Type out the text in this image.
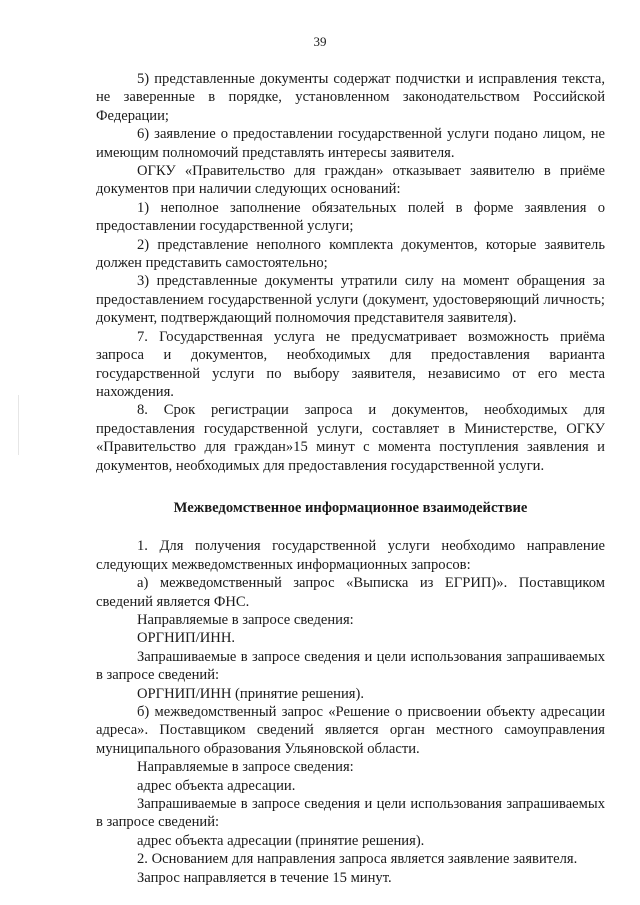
39

5) представленные документы содержат подчистки и исправления текста, не заверенные в порядке, установленном законодательством Российской Федерации;

6) заявление о предоставлении государственной услуги подано лицом, не имеющим полномочий представлять интересы заявителя.

ОГКУ «Правительство для граждан» отказывает заявителю в приёме документов при наличии следующих оснований:

1) неполное заполнение обязательных полей в форме заявления о предоставлении государственной услуги;

2) представление неполного комплекта документов, которые заявитель должен представить самостоятельно;

3) представленные документы утратили силу на момент обращения за предоставлением государственной услуги (документ, удостоверяющий личность; документ, подтверждающий полномочия представителя заявителя).

7. Государственная услуга не предусматривает возможность приёма запроса и документов, необходимых для предоставления варианта государственной услуги по выбору заявителя, независимо от его места нахождения.

8. Срок регистрации запроса и документов, необходимых для предоставления государственной услуги, составляет в Министерстве, ОГКУ «Правительство для граждан»15 минут с момента поступления заявления и документов, необходимых для предоставления государственной услуги.

Межведомственное информационное взаимодействие

1. Для получения государственной услуги необходимо направление следующих межведомственных информационных запросов:

а) межведомственный запрос «Выписка из ЕГРИП)». Поставщиком сведений является ФНС.

Направляемые в запросе сведения:

ОРГНИП/ИНН.

Запрашиваемые в запросе сведения и цели использования запрашиваемых в запросе сведений:

ОРГНИП/ИНН (принятие решения).

б) межведомственный запрос «Решение о присвоении объекту адресации адреса». Поставщиком сведений является орган местного самоуправления муниципального образования Ульяновской области.

Направляемые в запросе сведения:

адрес объекта адресации.

Запрашиваемые в запросе сведения и цели использования запрашиваемых в запросе сведений:

адрес объекта адресации (принятие решения).

2. Основанием для направления запроса является заявление заявителя.

Запрос направляется в течение 15 минут.
